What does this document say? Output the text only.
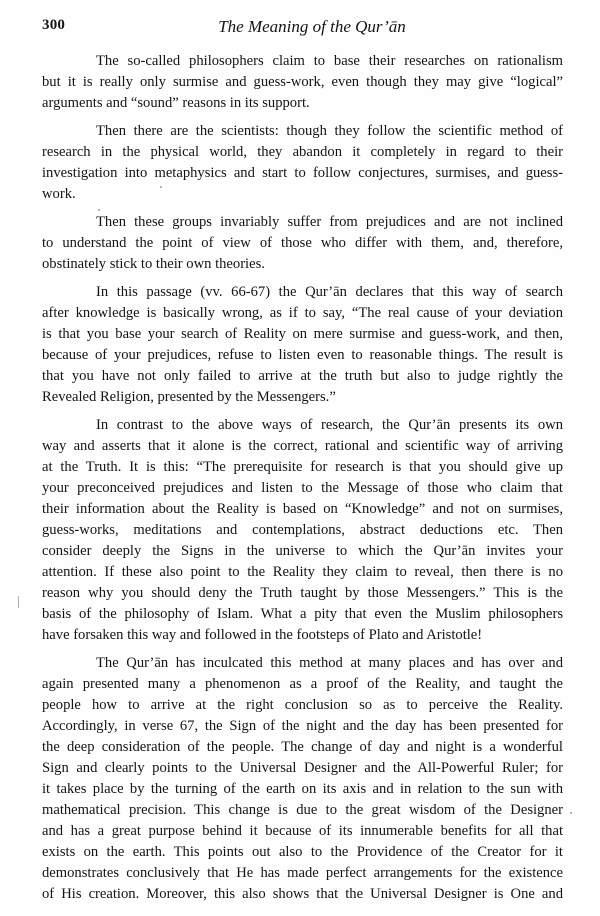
300	The Meaning of the Qur’ān
The so-called philosophers claim to base their researches on rationalism
but it is really only surmise and guess-work, even though they may give “logical”
arguments and “sound” reasons in its support.
Then there are the scientists: though they follow the scientific method of
research in the physical world, they abandon it completely in regard to their
investigation into metaphysics and start to follow conjectures, surmises, and guess-
work.
Then these groups invariably suffer from prejudices and are not inclined
to understand the point of view of those who differ with them, and, therefore,
obstinately stick to their own theories.
In this passage (vv. 66-67) the Qur’ān declares that this way of search
after knowledge is basically wrong, as if to say, “The real cause of your deviation
is that you base your search of Reality on mere surmise and guess-work, and then,
because of your prejudices, refuse to listen even to reasonable things. The result is
that you have not only failed to arrive at the truth but also to judge rightly the
Revealed Religion, presented by the Messengers.”
In contrast to the above ways of research, the Qur’ān presents its own
way and asserts that it alone is the correct, rational and scientific way of arriving
at the Truth. It is this: “The prerequisite for research is that you should give up
your preconceived prejudices and listen to the Message of those who claim that
their information about the Reality is based on “Knowledge” and not on surmises,
guess-works, meditations and contemplations, abstract deductions etc. Then
consider deeply the Signs in the universe to which the Qur’ān invites your
attention. If these also point to the Reality they claim to reveal, then there is no
reason why you should deny the Truth taught by those Messengers.” This is the
basis of the philosophy of Islam. What a pity that even the Muslim philosophers
have forsaken this way and followed in the footsteps of Plato and Aristotle!
The Qur’ān has inculcated this method at many places and has over and
again presented many a phenomenon as a proof of the Reality, and taught the
people how to arrive at the right conclusion so as to perceive the Reality.
Accordingly, in verse 67, the Sign of the night and the day has been presented for
the deep consideration of the people. The change of day and night is a wonderful
Sign and clearly points to the Universal Designer and the All-Powerful Ruler; for
it takes place by the turning of the earth on its axis and in relation to the sun with
mathematical precision. This change is due to the great wisdom of the Designer
and has a great purpose behind it because of its innumerable benefits for all that
exists on the earth. This points out also to the Providence of the Creator for it
demonstrates conclusively that He has made perfect arrangements for the existence
of His creation. Moreover, this also shows that the Universal Designer is One and
